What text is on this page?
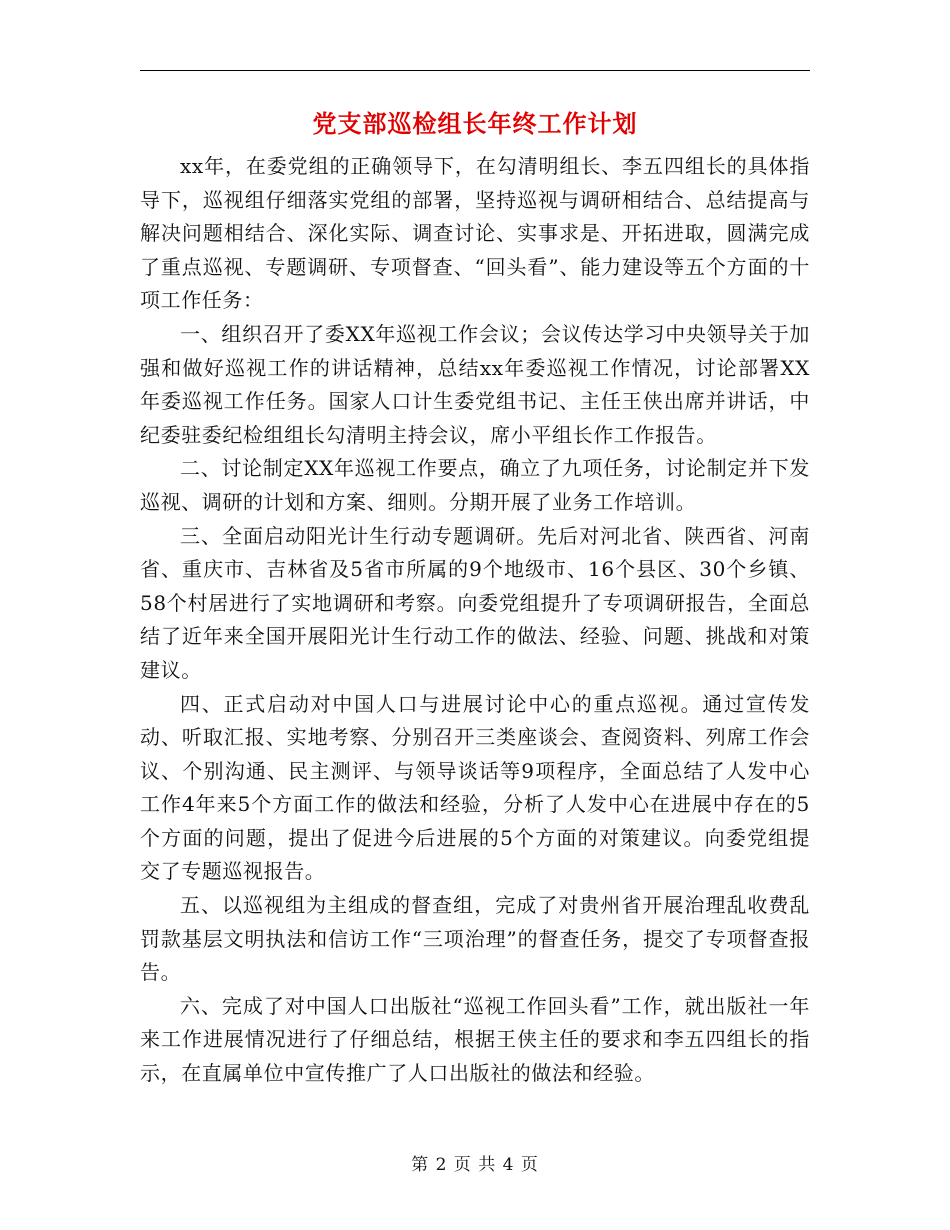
党支部巡检组长年终工作计划

xx年，在委党组的正确领导下，在勾清明组长、李五四组长的具体指导下，巡视组仔细落实党组的部署，坚持巡视与调研相结合、总结提高与解决问题相结合、深化实际、调查讨论、实事求是、开拓进取，圆满完成了重点巡视、专题调研、专项督查、“回头看”、能力建设等五个方面的十项工作任务：

一、组织召开了委XX年巡视工作会议；会议传达学习中央领导关于加强和做好巡视工作的讲话精神，总结xx年委巡视工作情况，讨论部署XX年委巡视工作任务。国家人口计生委党组书记、主任王侠出席并讲话，中纪委驻委纪检组组长勾清明主持会议，席小平组长作工作报告。

二、讨论制定XX年巡视工作要点，确立了九项任务，讨论制定并下发巡视、调研的计划和方案、细则。分期开展了业务工作培训。

三、全面启动阳光计生行动专题调研。先后对河北省、陕西省、河南省、重庆市、吉林省及5省市所属的9个地级市、16个县区、30个乡镇、58个村居进行了实地调研和考察。向委党组提升了专项调研报告，全面总结了近年来全国开展阳光计生行动工作的做法、经验、问题、挑战和对策建议。

四、正式启动对中国人口与进展讨论中心的重点巡视。通过宣传发动、听取汇报、实地考察、分别召开三类座谈会、查阅资料、列席工作会议、个别沟通、民主测评、与领导谈话等9项程序，全面总结了人发中心工作4年来5个方面工作的做法和经验，分析了人发中心在进展中存在的5个方面的问题，提出了促进今后进展的5个方面的对策建议。向委党组提交了专题巡视报告。

五、以巡视组为主组成的督查组，完成了对贵州省开展治理乱收费乱罚款基层文明执法和信访工作“三项治理”的督查任务，提交了专项督查报告。

六、完成了对中国人口出版社“巡视工作回头看”工作，就出版社一年来工作进展情况进行了仔细总结，根据王侠主任的要求和李五四组长的指示，在直属单位中宣传推广了人口出版社的做法和经验。

第 2 页 共 4 页
